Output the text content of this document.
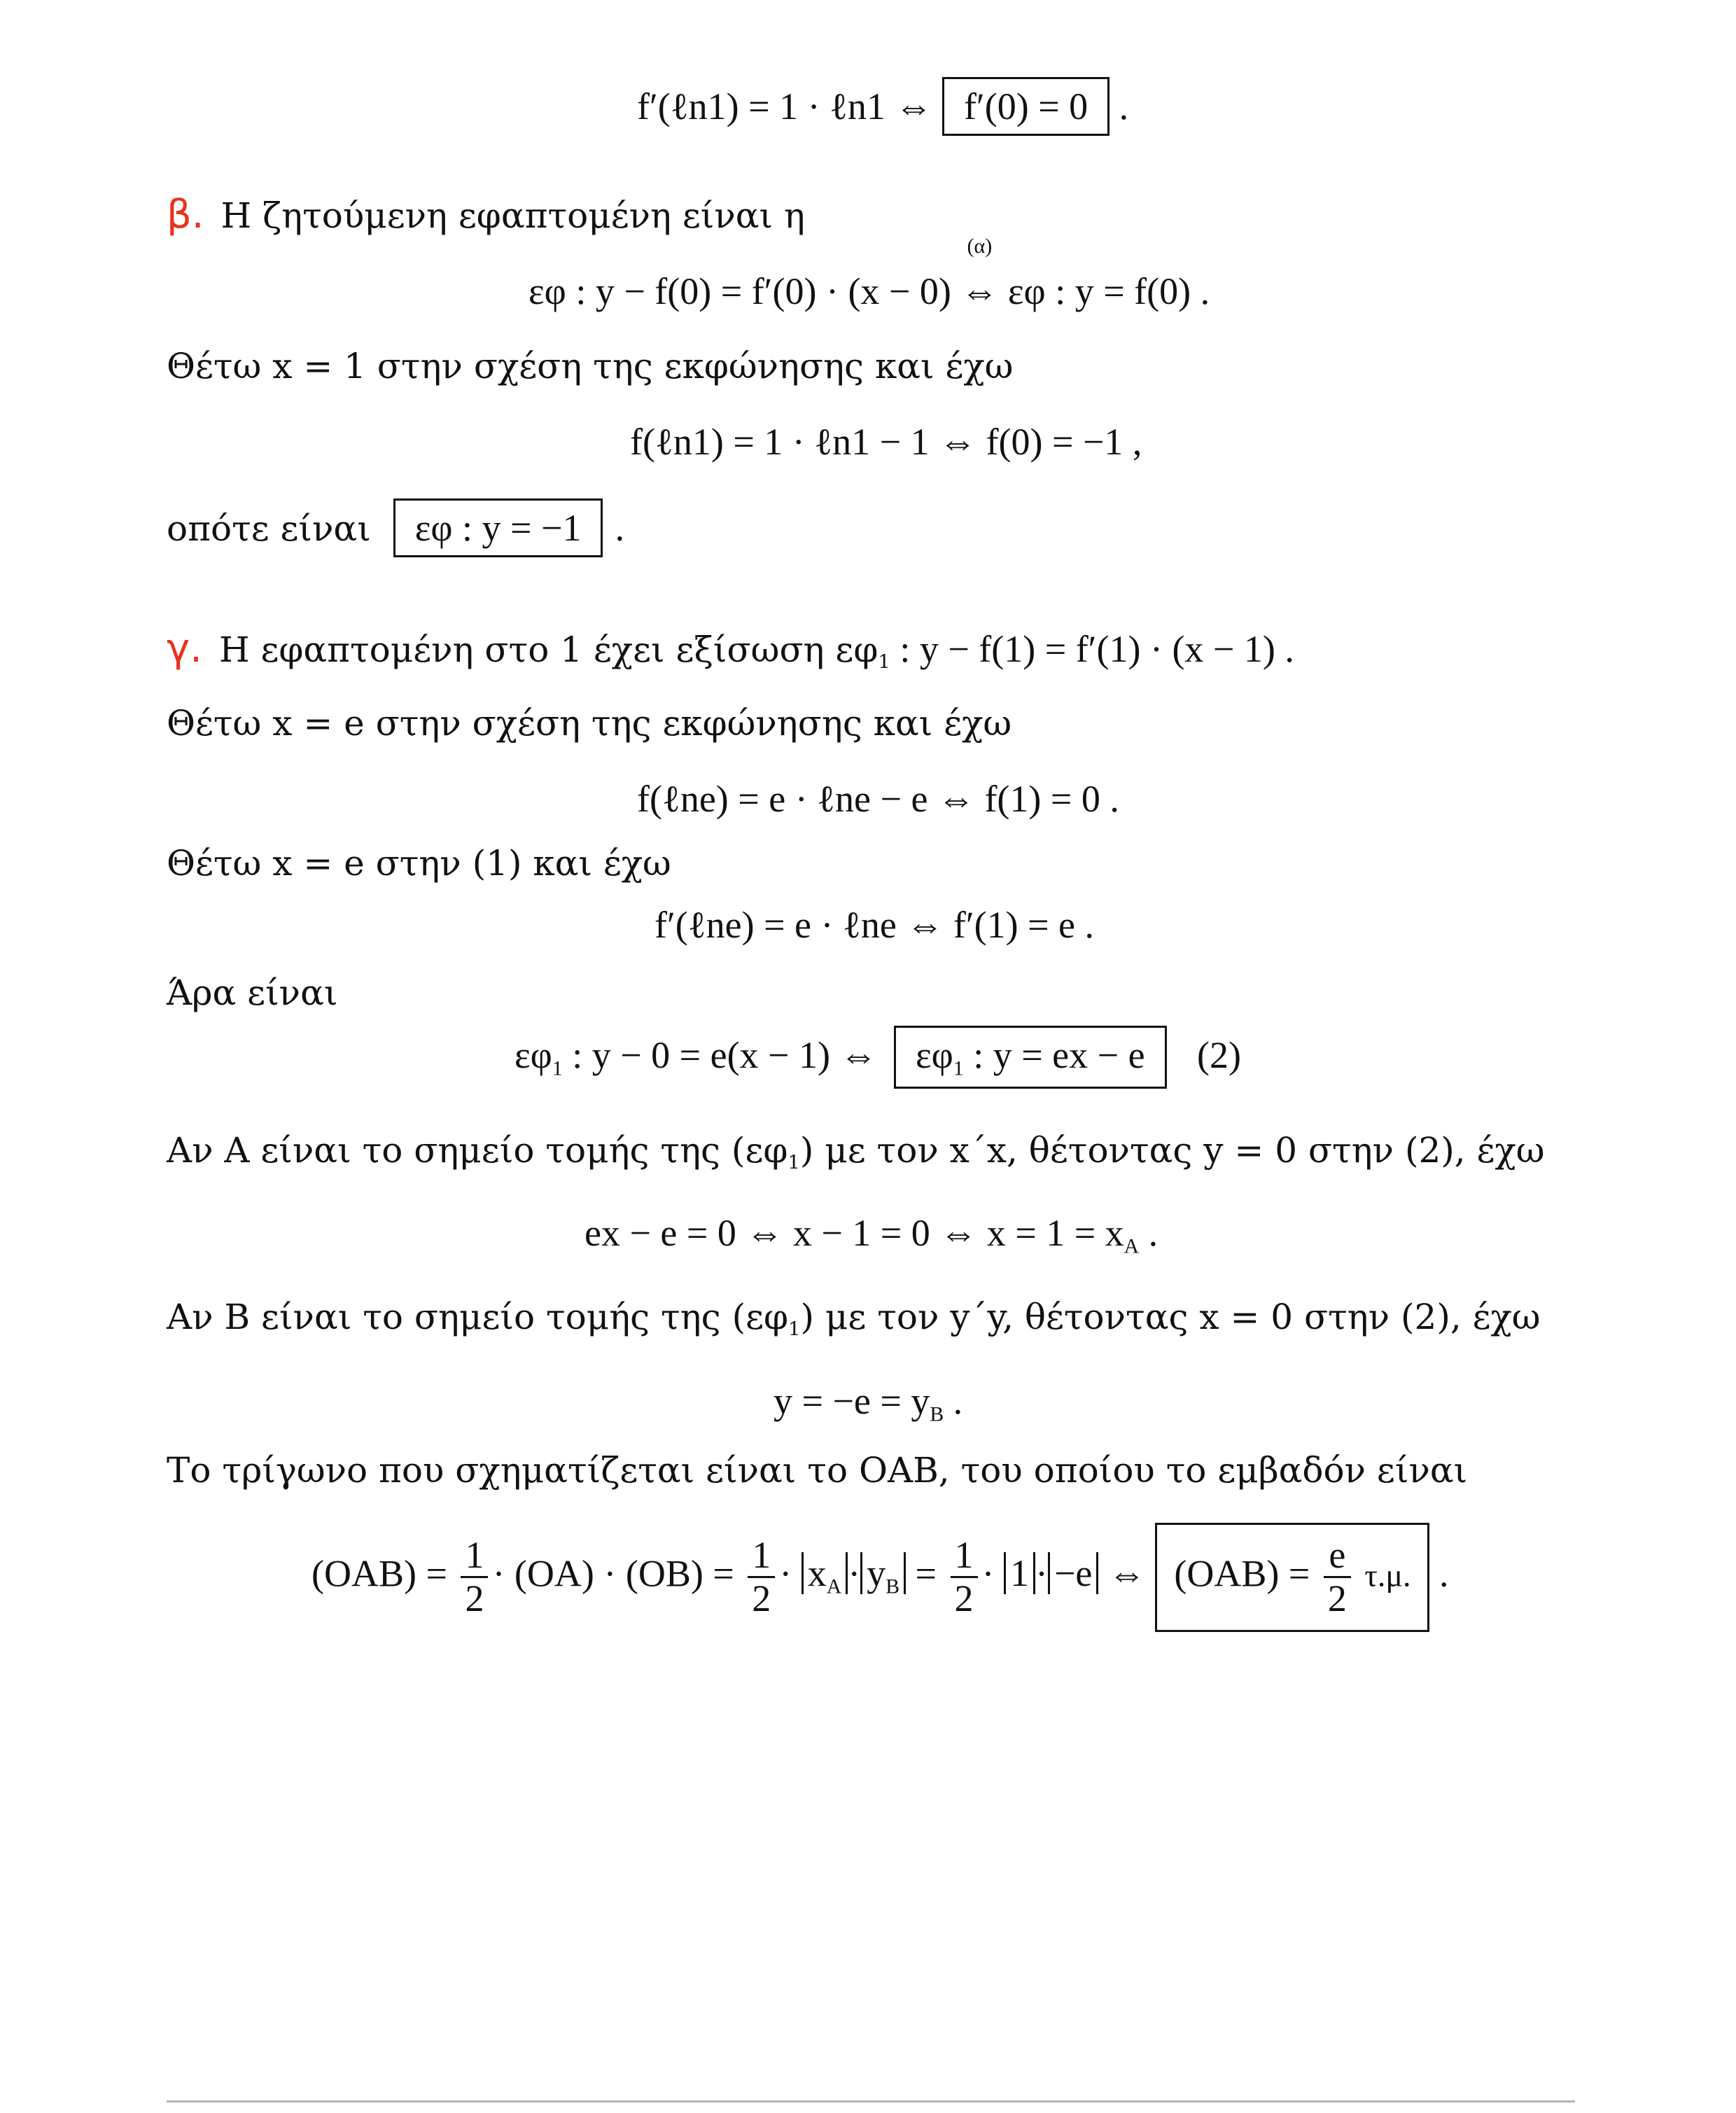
f′(ℓn1) = 1 · ℓn1 ⇔ f′(0) = 0 .
β. Η ζητούμενη εφαπτομένη είναι η
εφ : y − f(0) = f′(0) · (x − 0)
(α)
⇔ εφ : y = f(0) .
Θέτω x = 1 στην σχέση της εκφώνησης και έχω
f(ℓn1) = 1 · ℓn1 − 1 ⇔ f(0) = −1 ,
οπότε είναι εφ : y = −1 .
γ. Η εφαπτομένη στο 1 έχει εξίσωση $\varepsilon\varphi_1$ : y − f(1) = f′(1) · (x − 1) .
Θέτω x = e στην σχέση της εκφώνησης και έχω
f(ℓne) = e · ℓne − e ⇔ f(1) = 0 .
Θέτω x = e στην (1) και έχω
f′(ℓne) = e · ℓne ⇔ f′(1) = e .
Άρα είναι
$\varepsilon\varphi_1$ : y − 0 = e(x − 1) ⇔ $\varepsilon\varphi_1$ : y = ex − e (2)
Αν Α είναι το σημείο τομής της $(\varepsilon\varphi_1)$ με τον x΄x, θέτοντας y = 0 στην (2), έχω
ex − e = 0 ⇔ x − 1 = 0 ⇔ $x = 1 = x_A$ .
Αν Β είναι το σημείο τομής της $(\varepsilon\varphi_1)$ με τον y΄y, θέτοντας x = 0 στην (2), έχω
$y = -e = y_B$ .
Το τρίγωνο που σχηματίζεται είναι το ΟΑΒ, του οποίου το εμβαδόν είναι
$(OAB) = \frac{1}{2} \cdot (OA) \cdot (OB) = \frac{1}{2} \cdot x_A \cdot y_B = \frac{1}{2} \cdot 1 \cdot -e$ ⇔ $(OAB) = \frac{e}{2} \tau.\mu$. .
